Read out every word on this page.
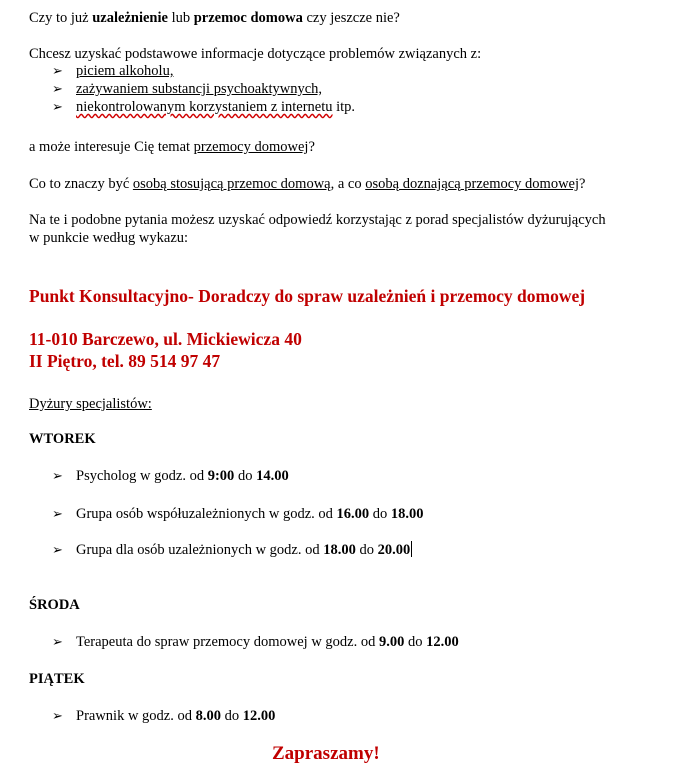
Czy to już uzależnienie lub przemoc domowa czy jeszcze nie?
Chcesz uzyskać podstawowe informacje dotyczące problemów związanych z:
➢ piciem alkoholu,
➢ zażywaniem substancji psychoaktywnych,
➢ niekontrolowanym korzystaniem z internetu itp.
a może interesuje Cię temat przemocy domowej?
Co to znaczy być osobą stosującą przemoc domową, a co osobą doznającą przemocy domowej?
Na te i podobne pytania możesz uzyskać odpowiedź korzystając z porad specjalistów dyżurujących
w punkcie według wykazu:
Punkt Konsultacyjno- Doradczy do spraw uzależnień i przemocy domowej
11-010 Barczewo, ul. Mickiewicza 40
II Piętro, tel. 89 514 97 47
Dyżury specjalistów:
WTOREK
➢ Psycholog w godz. od 9:00 do 14.00
➢ Grupa osób współuzależnionych w godz. od 16.00 do 18.00
➢ Grupa dla osób uzależnionych w godz. od 18.00 do 20.00
ŚRODA
➢ Terapeuta do spraw przemocy domowej w godz. od 9.00 do 12.00
PIĄTEK
➢ Prawnik w godz. od 8.00 do 12.00
Zapraszamy!
